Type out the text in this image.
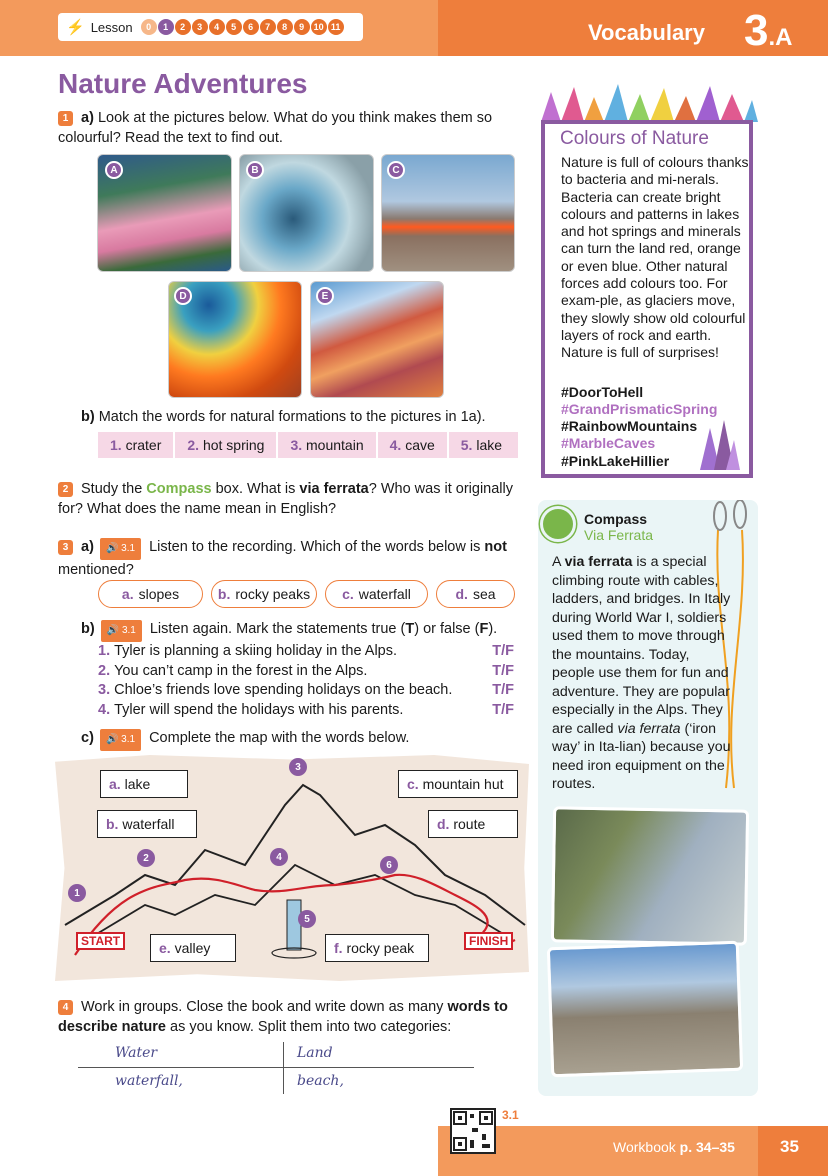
⚡ Lesson	0	1	2	3	4	5	6	7	8	9	10 11	Vocabulary 3.A
Nature Adventures
1 a) Look at the pictures below. What do you think makes them so colourful? Read the text to find out.
A	B	C
D	E
b) Match the words for natural formations to the pictures in 1a).
1. crater	2. hot spring	3. mountain	4. cave	5. lake
2 Study the Compass box. What is via ferrata? Who was it originally for? What does the name mean in English?
3 a) 🔊 3.1 Listen to the recording. Which of the words below is not mentioned?
a. slopes	b. rocky peaks c. waterfall	d. sea
b) 🔊 3.1 Listen again. Mark the statements true (T) or false (F).
1. Tyler is planning a skiing holiday in the Alps.	T/F
2. You can’t camp in the forest in the Alps.	T/F
3. Chloe’s friends love spending holidays on the beach.	T/F
4. Tyler will spend the holidays with his parents.	T/F
c) 🔊 3.1 Complete the map with the words below.
a. lake
b. waterfall
c. mountain hut
d. route
e. valley	f. rocky peak
START	FINISH
1
2
3
4
5
6
4 Work in groups. Close the book and write down as many words to describe nature as you know. Split them into two categories:
Water	Land
waterfall,	beach,
Colours of Nature
Nature is full of colours thanks to bacteria and mi-nerals. Bacteria can create bright colours and patterns in lakes and hot springs and minerals can turn the land red, orange or even blue. Other natural forces add colours too. For exam-ple, as glaciers move, they slowly show old colourful layers of rock and earth. Nature is full of surprises!
#DoorToHell
#GrandPrismaticSpring
#RainbowMountains
#MarbleCaves
#PinkLakeHillier
Compass
Via Ferrata
A via ferrata is a special climbing route with cables, ladders, and bridges. In Italy during World War I, soldiers used them to move through the mountains. Today, people use them for fun and adventure. They are popular especially in the Alps. They are called via ferrata (‘iron way’ in Ita-lian) because you need iron equipment on the routes.
3.1
Workbook p. 34–35	35
